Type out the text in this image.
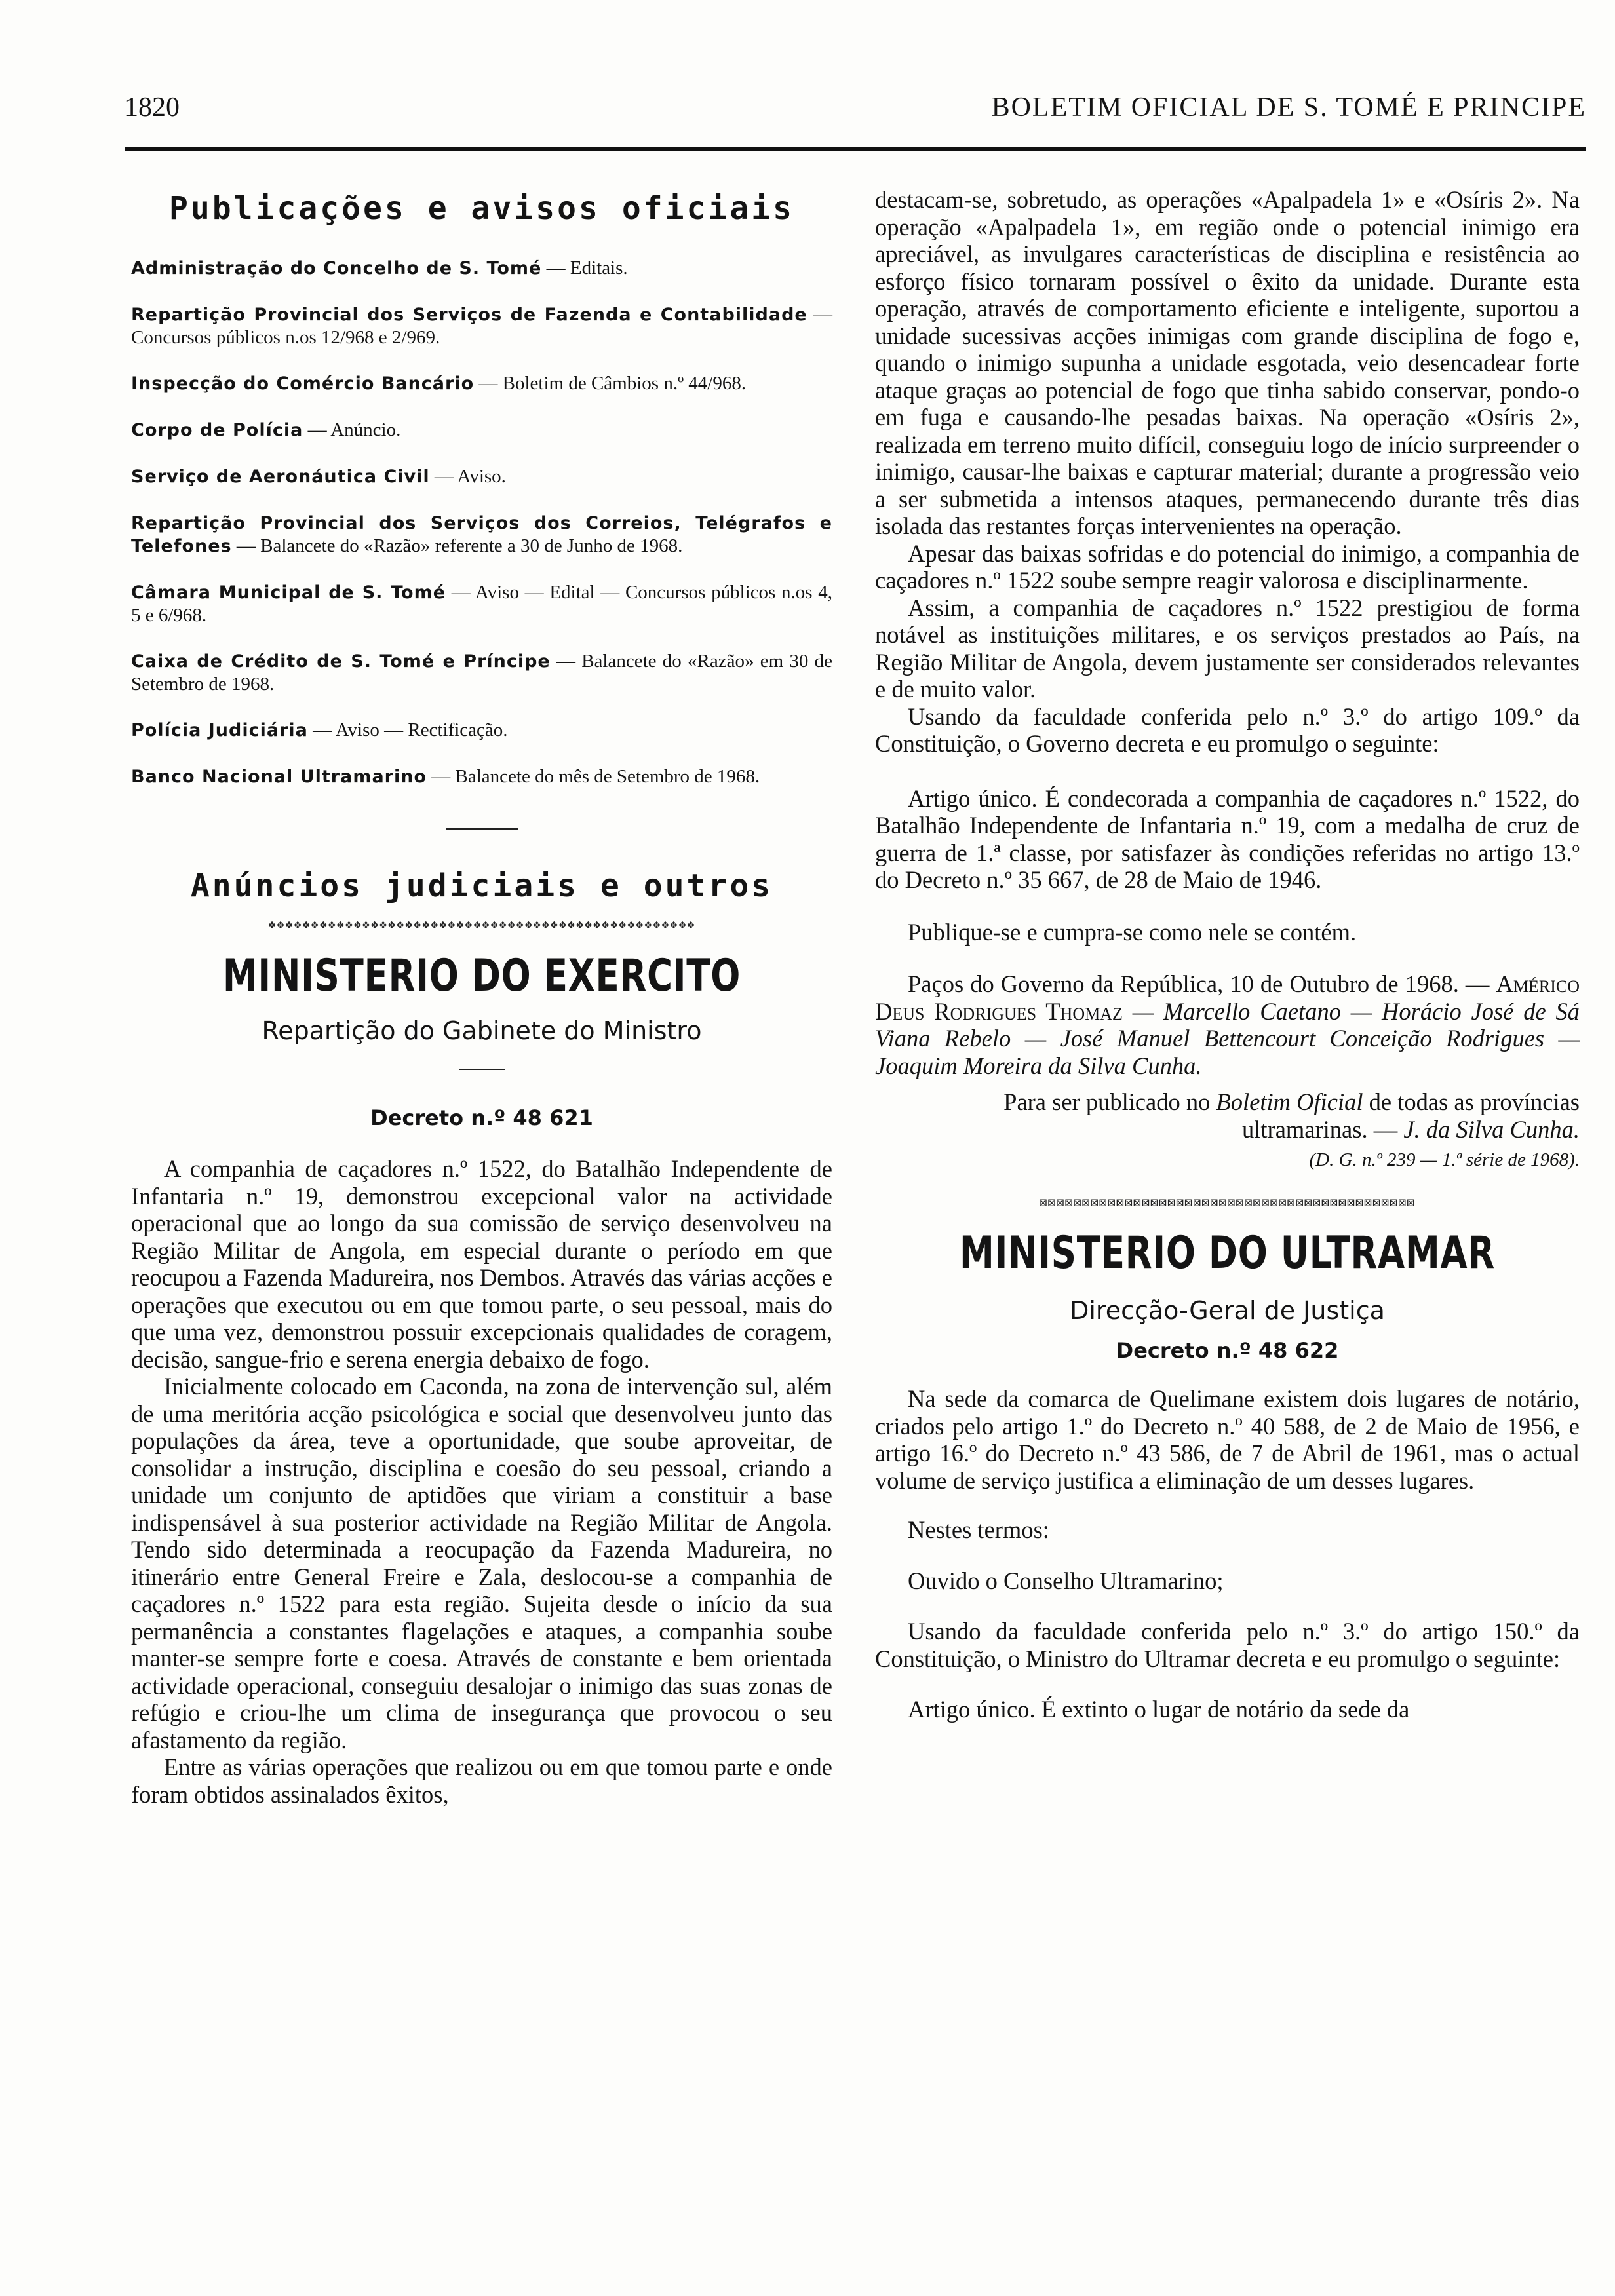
1820	BOLETIM OFICIAL DE S. TOMÉ E PRINCIPE
Publicações e avisos oficiais

Administração do Concelho de S. Tomé — Editais.

Repartição Provincial dos Serviços de Fazenda e Contabilidade — Concursos públicos n.os 12/968 e 2/969.

Inspecção do Comércio Bancário — Boletim de Câmbios n.º 44/968.

Corpo de Polícia — Anúncio.

Serviço de Aeronáutica Civil — Aviso.

Repartição Provincial dos Serviços dos Correios, Telégrafos e Telefones — Balancete do «Razão» referente a 30 de Junho de 1968.

Câmara Municipal de S. Tomé — Aviso — Edital — Concursos públicos n.os 4, 5 e 6/968.

Caixa de Crédito de S. Tomé e Príncipe — Balancete do «Razão» em 30 de Setembro de 1968.

Polícia Judiciária — Aviso — Rectificação.

Banco Nacional Ultramarino — Balancete do mês de Setembro de 1968.

Anúncios judiciais e outros
❖❖❖❖❖❖❖❖❖❖❖❖❖❖❖❖❖❖❖❖❖❖❖❖❖❖❖❖❖❖❖❖❖❖❖❖❖❖❖❖❖❖❖❖❖❖❖❖❖❖
MINISTERIO DO EXERCITO

Repartição do Gabinete do Ministro

Decreto n.º 48 621

A companhia de caçadores n.º 1522, do Batalhão Independente de Infantaria n.º 19, demonstrou excepcional valor na actividade operacional que ao longo da sua comissão de serviço desenvolveu na Região Militar de Angola, em especial durante o período em que reocupou a Fazenda Madureira, nos Dembos. Através das várias acções e operações que executou ou em que tomou parte, o seu pessoal, mais do que uma vez, demonstrou possuir excepcionais qualidades de coragem, decisão, sangue-frio e serena energia debaixo de fogo.

Inicialmente colocado em Caconda, na zona de intervenção sul, além de uma meritória acção psicológica e social que desenvolveu junto das populações da área, teve a oportunidade, que soube aproveitar, de consolidar a instrução, disciplina e coesão do seu pessoal, criando a unidade um conjunto de aptidões que viriam a constituir a base indispensável à sua posterior actividade na Região Militar de Angola. Tendo sido determinada a reocupação da Fazenda Madureira, no itinerário entre General Freire e Zala, deslocou-se a companhia de caçadores n.º 1522 para esta região. Sujeita desde o início da sua permanência a constantes flagelações e ataques, a companhia soube manter-se sempre forte e coesa. Através de constante e bem orientada actividade operacional, conseguiu desalojar o inimigo das suas zonas de refúgio e criou-lhe um clima de insegurança que provocou o seu afastamento da região.

Entre as várias operações que realizou ou em que tomou parte e onde foram obtidos assinalados êxitos,

destacam-se, sobretudo, as operações «Apalpadela 1» e «Osíris 2». Na operação «Apalpadela 1», em região onde o potencial inimigo era apreciável, as invulgares características de disciplina e resistência ao esforço físico tornaram possível o êxito da unidade. Durante esta operação, através de comportamento eficiente e inteligente, suportou a unidade sucessivas acções inimigas com grande disciplina de fogo e, quando o inimigo supunha a unidade esgotada, veio desencadear forte ataque graças ao potencial de fogo que tinha sabido conservar, pondo-o em fuga e causando-lhe pesadas baixas. Na operação «Osíris 2», realizada em terreno muito difícil, conseguiu logo de início surpreender o inimigo, causar-lhe baixas e capturar material; durante a progressão veio a ser submetida a intensos ataques, permanecendo durante três dias isolada das restantes forças intervenientes na operação.

Apesar das baixas sofridas e do potencial do inimigo, a companhia de caçadores n.º 1522 soube sempre reagir valorosa e disciplinarmente.

Assim, a companhia de caçadores n.º 1522 prestigiou de forma notável as instituições militares, e os serviços prestados ao País, na Região Militar de Angola, devem justamente ser considerados relevantes e de muito valor.

Usando da faculdade conferida pelo n.º 3.º do artigo 109.º da Constituição, o Governo decreta e eu promulgo o seguinte:

Artigo único. É condecorada a companhia de caçadores n.º 1522, do Batalhão Independente de Infantaria n.º 19, com a medalha de cruz de guerra de 1.ª classe, por satisfazer às condições referidas no artigo 13.º do Decreto n.º 35 667, de 28 de Maio de 1946.

Publique-se e cumpra-se como nele se contém.

Paços do Governo da República, 10 de Outubro de 1968. — Américo Deus Rodrigues Thomaz — Marcello Caetano — Horácio José de Sá Viana Rebelo — José Manuel Bettencourt Conceição Rodrigues — Joaquim Moreira da Silva Cunha.

Para ser publicado no Boletim Oficial de todas as províncias ultramarinas. — J. da Silva Cunha.

(D. G. n.º 239 — 1.ª série de 1968).

⊠⊠⊠⊠⊠⊠⊠⊠⊠⊠⊠⊠⊠⊠⊠⊠⊠⊠⊠⊠⊠⊠⊠⊠⊠⊠⊠⊠⊠⊠⊠⊠⊠⊠⊠⊠⊠⊠⊠⊠⊠⊠⊠⊠
MINISTERIO DO ULTRAMAR

Direcção-Geral de Justiça

Decreto n.º 48 622

Na sede da comarca de Quelimane existem dois lugares de notário, criados pelo artigo 1.º do Decreto n.º 40 588, de 2 de Maio de 1956, e artigo 16.º do Decreto n.º 43 586, de 7 de Abril de 1961, mas o actual volume de serviço justifica a eliminação de um desses lugares.

Nestes termos:

Ouvido o Conselho Ultramarino;

Usando da faculdade conferida pelo n.º 3.º do artigo 150.º da Constituição, o Ministro do Ultramar decreta e eu promulgo o seguinte:

Artigo único. É extinto o lugar de notário da sede da
